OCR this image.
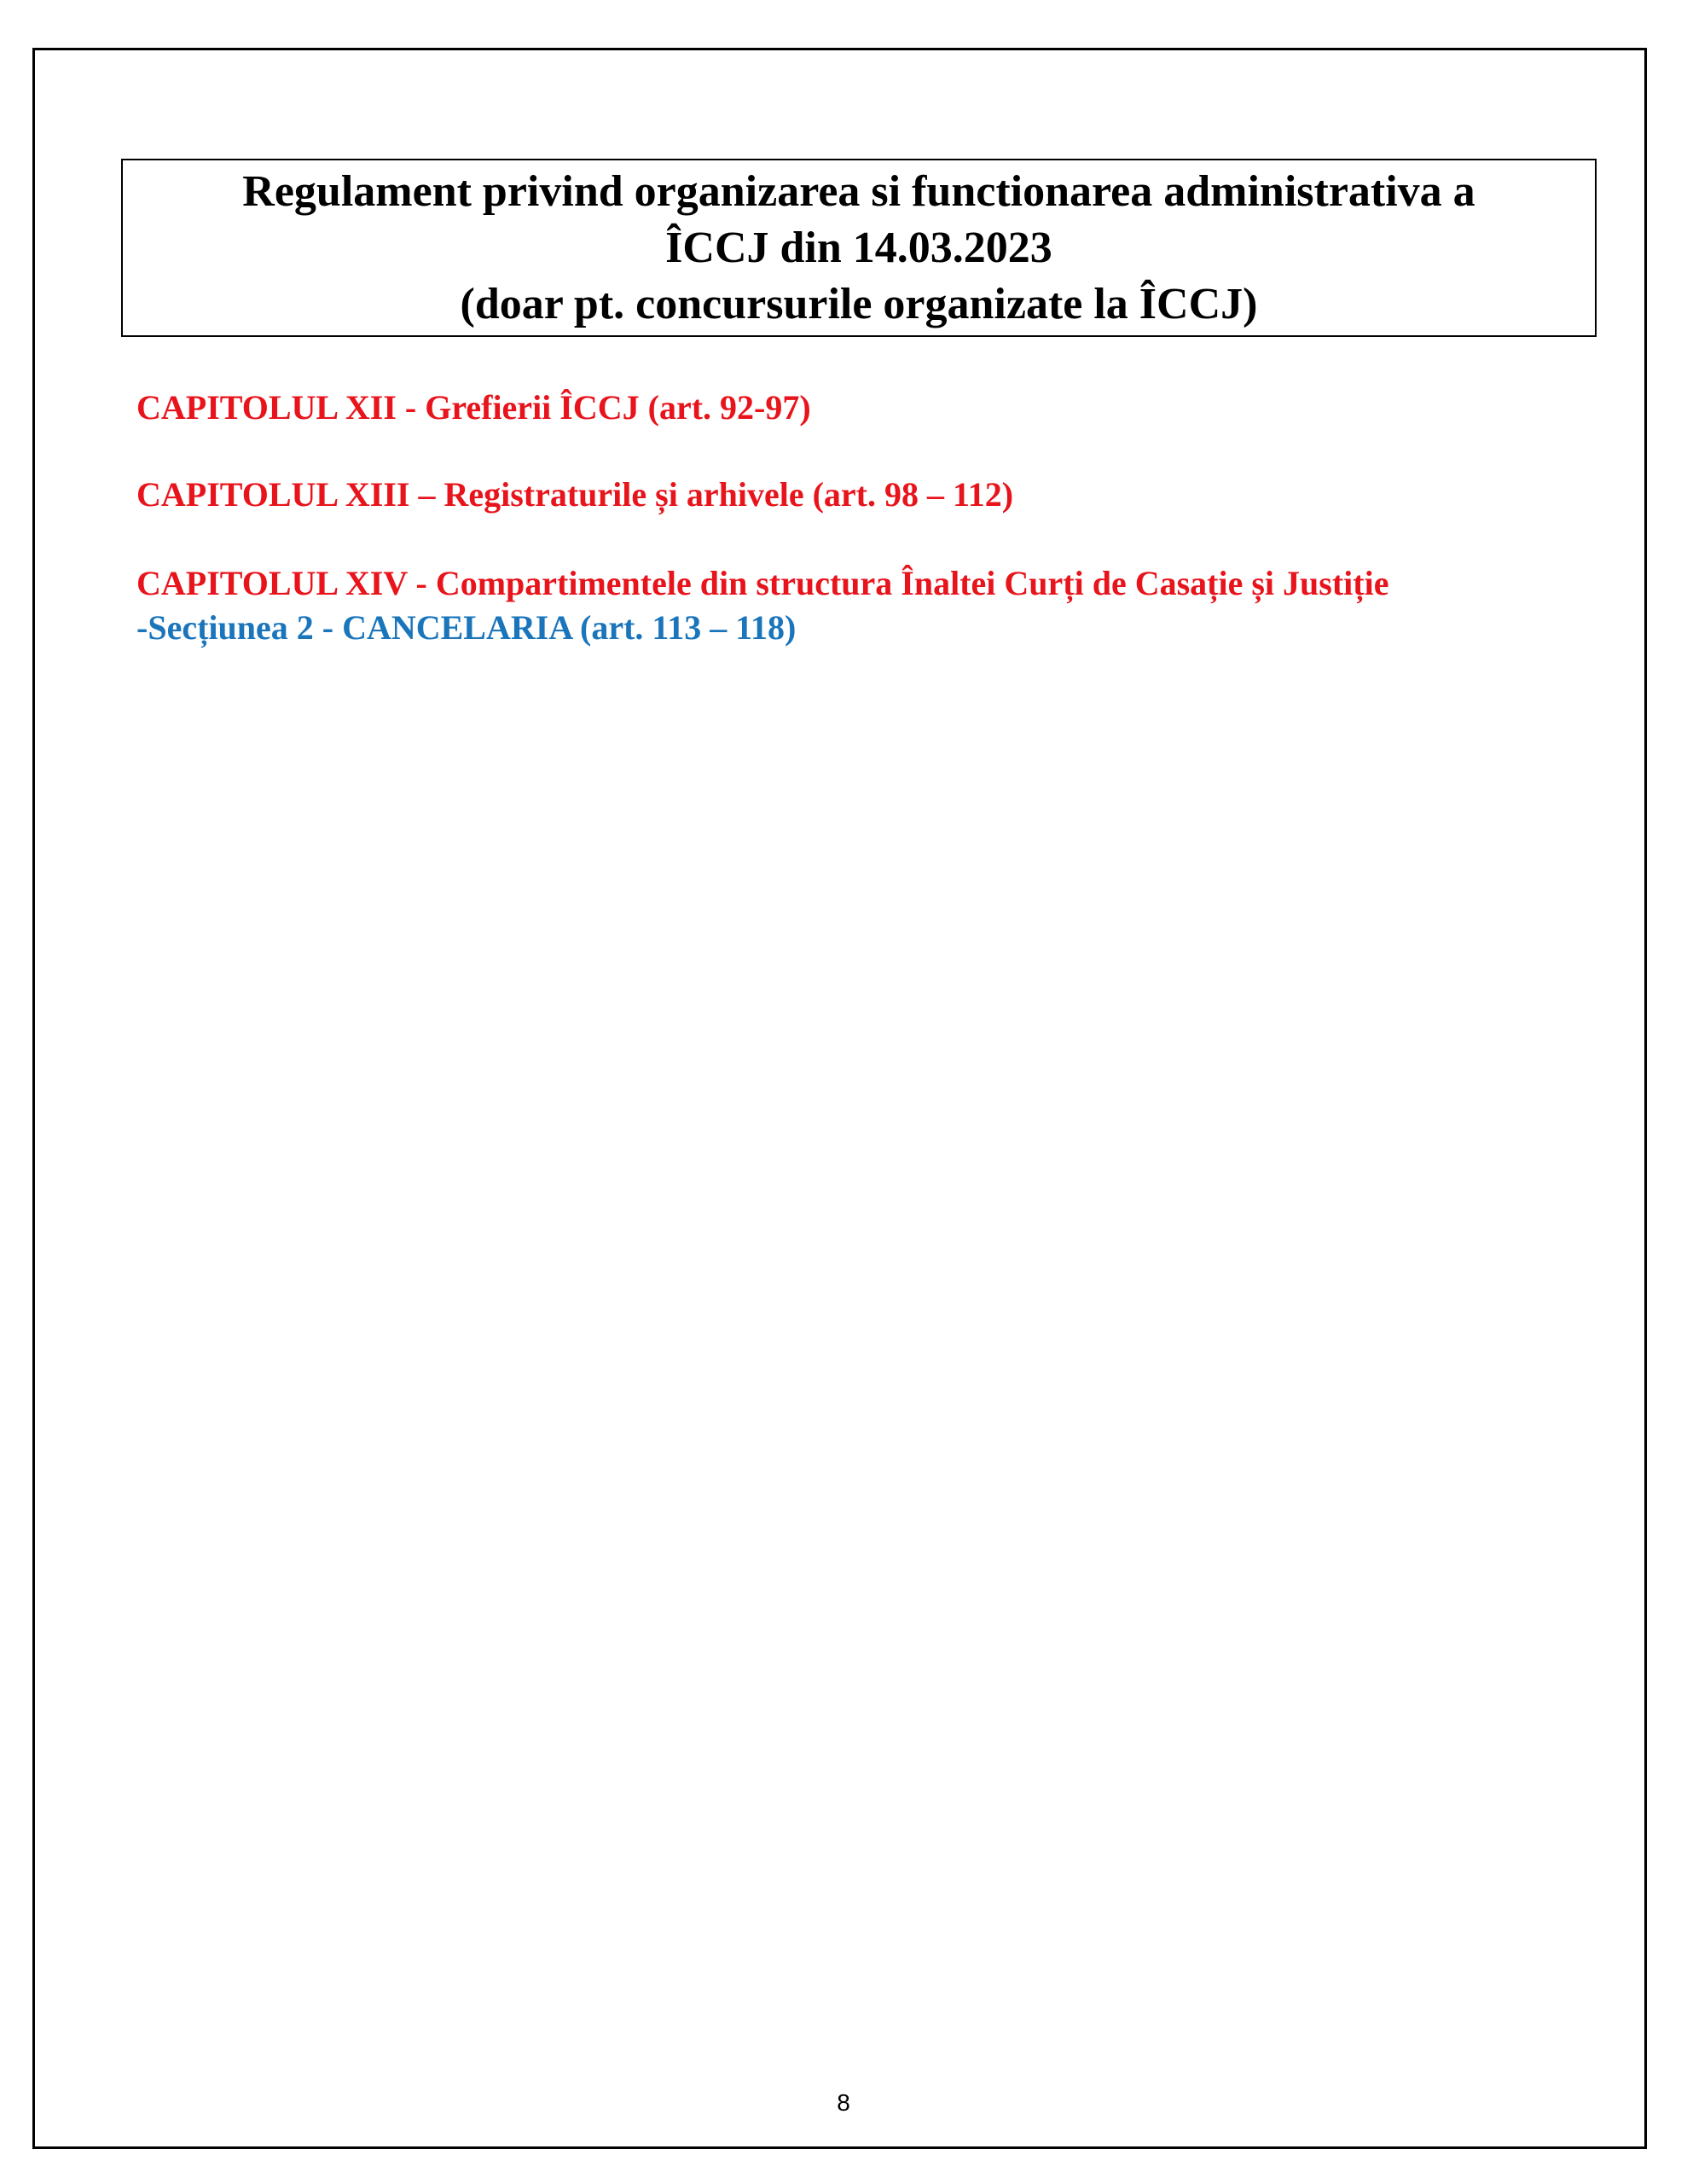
Regulament privind organizarea si functionarea administrativa a
ÎCCJ din 14.03.2023
(doar pt. concursurile organizate la ÎCCJ)
CAPITOLUL XII - Grefierii ÎCCJ (art. 92-97)
CAPITOLUL XIII – Registraturile și arhivele (art. 98 – 112)
CAPITOLUL XIV - Compartimentele din structura Înaltei Curți de Casație și Justiție
-Secțiunea 2 - CANCELARIA (art. 113 – 118)
8
